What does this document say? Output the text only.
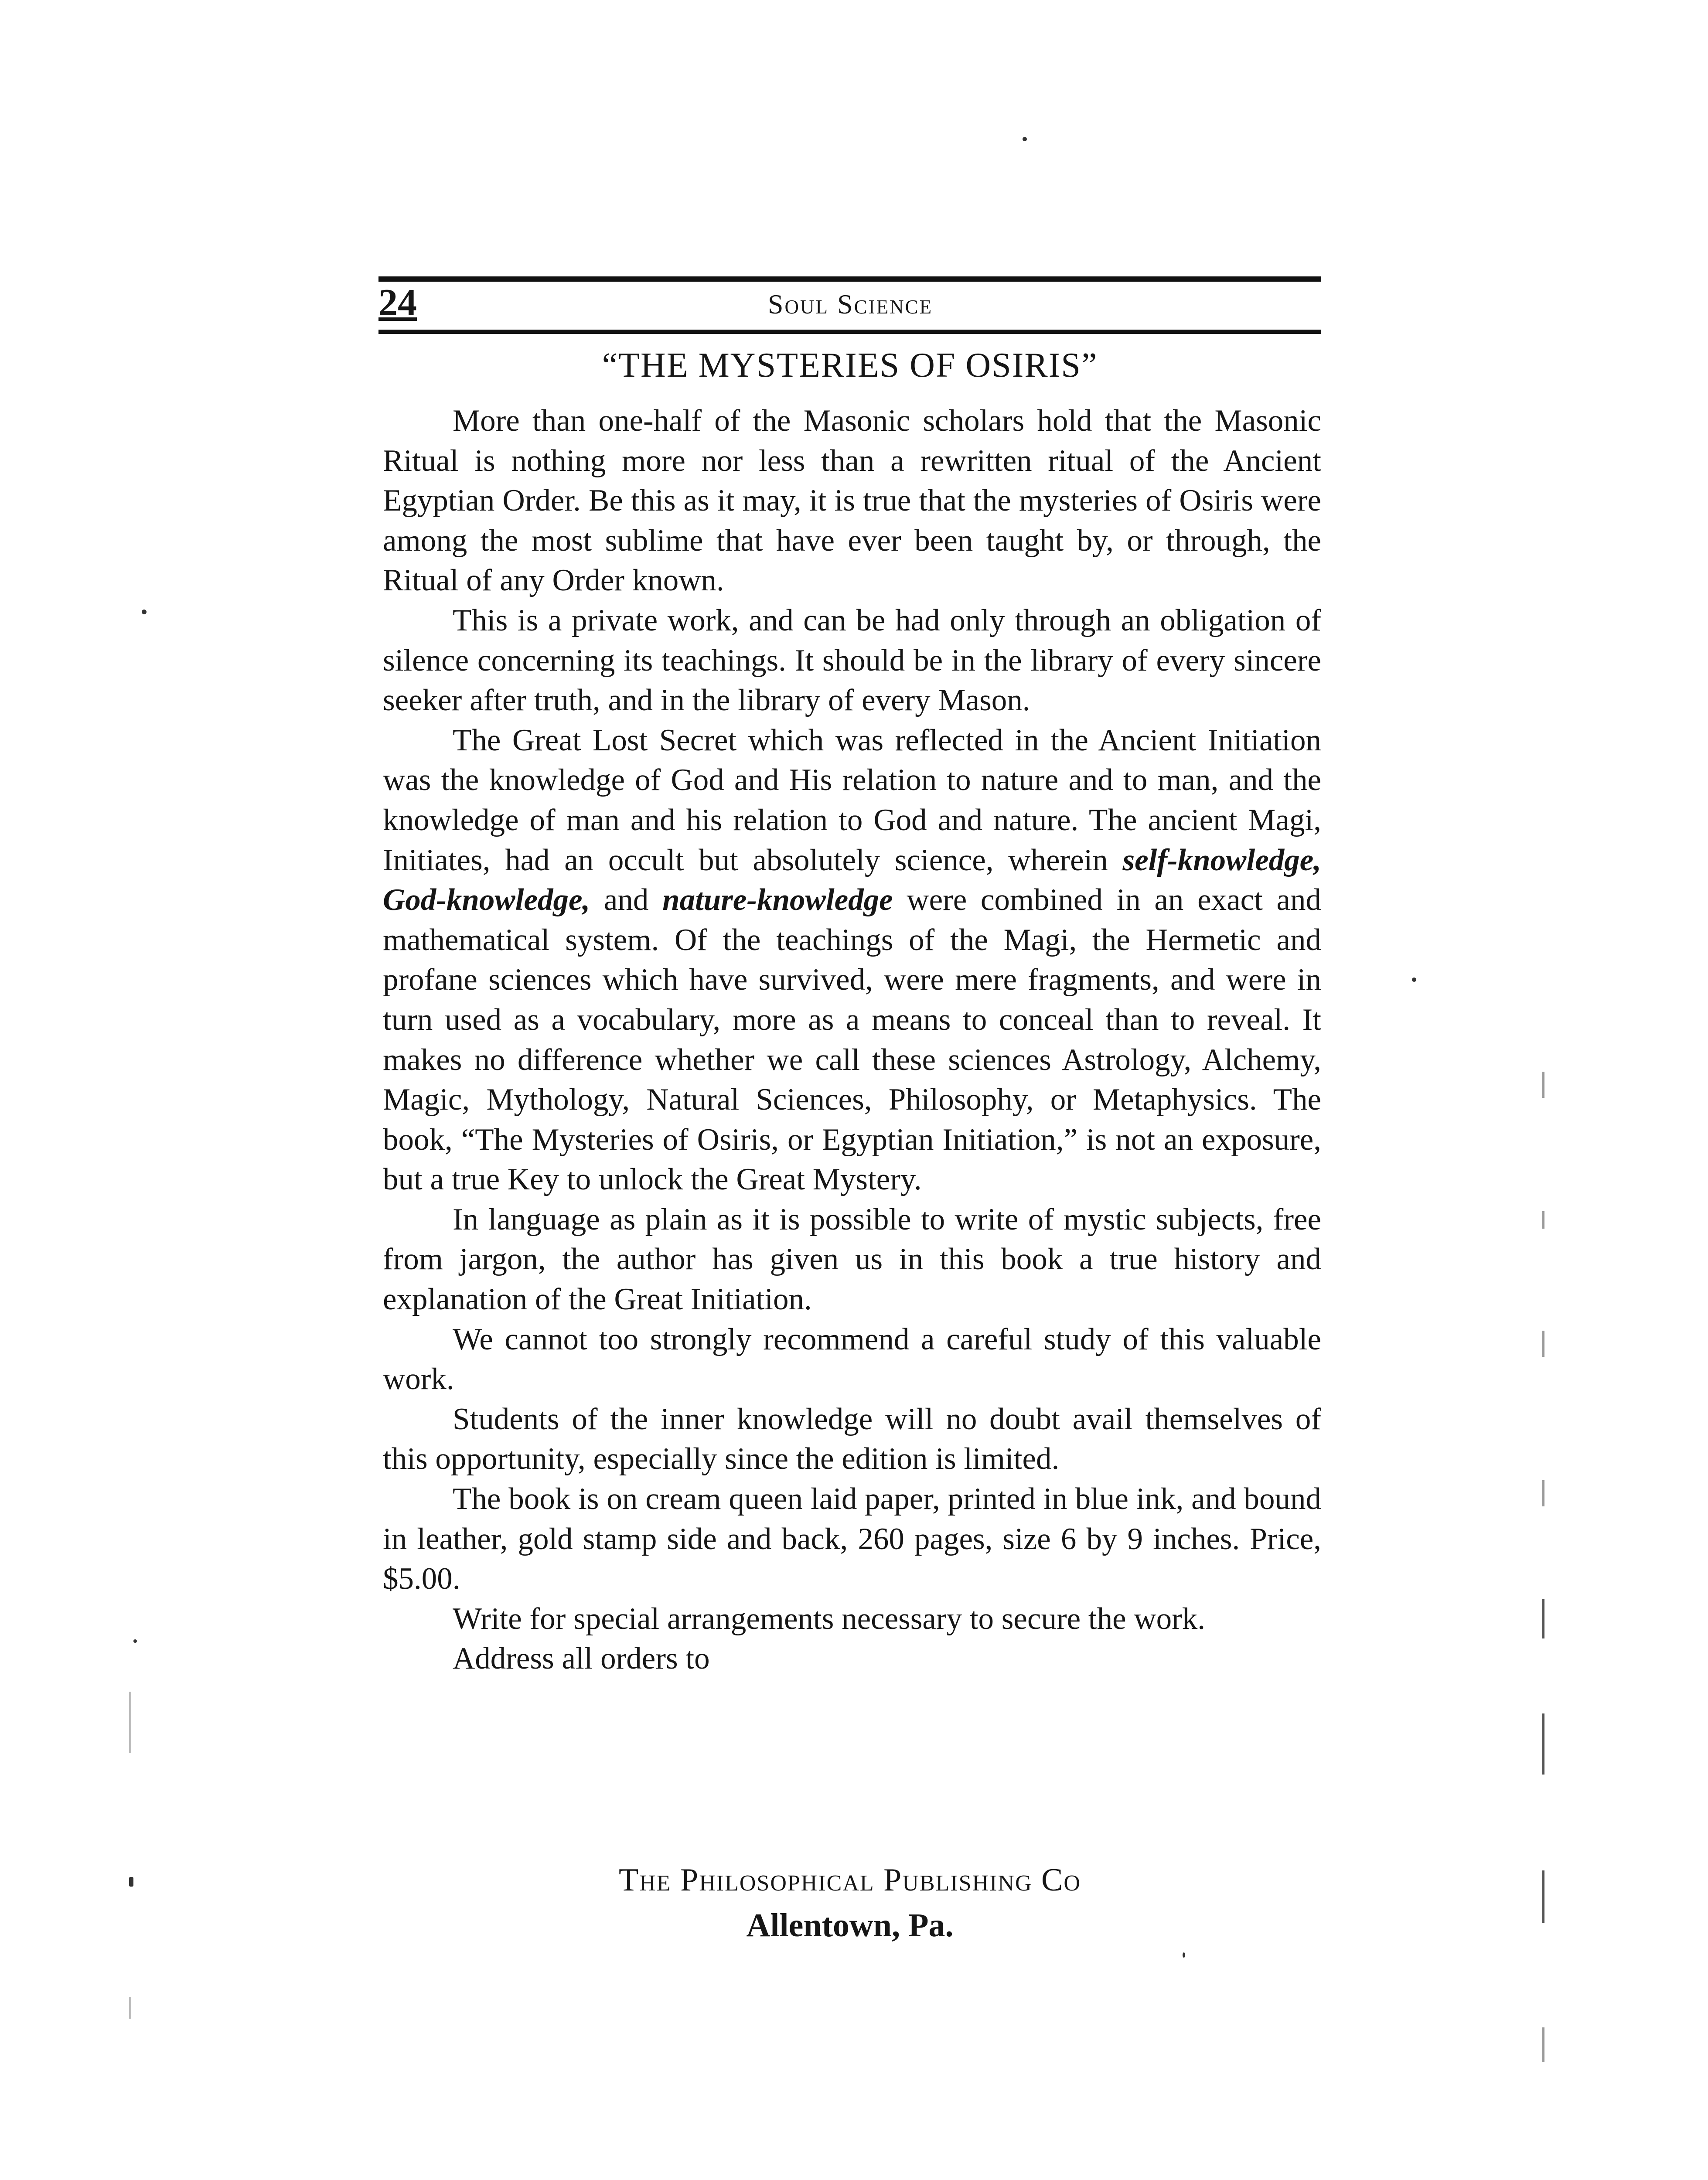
24	Soul Science
“THE MYSTERIES OF OSIRIS”

More than one-half of the Masonic scholars hold that the Masonic Ritual is nothing more nor less than a rewritten ritual of the Ancient Egyptian Order. Be this as it may, it is true that the mysteries of Osiris were among the most sublime that have ever been taught by, or through, the Ritual of any Order known.

This is a private work, and can be had only through an obligation of silence concerning its teachings. It should be in the library of every sincere seeker after truth, and in the library of every Mason.

The Great Lost Secret which was reflected in the Ancient Initiation was the knowledge of God and His relation to nature and to man, and the knowledge of man and his relation to God and nature. The ancient Magi, Initiates, had an occult but absolutely science, wherein self-knowledge, God-knowledge, and nature-knowledge were combined in an exact and mathematical system. Of the teachings of the Magi, the Hermetic and profane sciences which have survived, were mere fragments, and were in turn used as a vocabulary, more as a means to conceal than to reveal. It makes no difference whether we call these sciences Astrology, Alchemy, Magic, Mythology, Natural Sciences, Philosophy, or Metaphysics. The book, “The Mysteries of Osiris, or Egyptian Initiation,” is not an exposure, but a true Key to unlock the Great Mystery.

In language as plain as it is possible to write of mystic subjects, free from jargon, the author has given us in this book a true history and explanation of the Great Initiation.

We cannot too strongly recommend a careful study of this valuable work.

Students of the inner knowledge will no doubt avail themselves of this opportunity, especially since the edition is limited.

The book is on cream queen laid paper, printed in blue ink, and bound in leather, gold stamp side and back, 260 pages, size 6 by 9 inches. Price, $5.00.

Write for special arrangements necessary to secure the work.

Address all orders to

The Philosophical Publishing Co
Allentown, Pa.
